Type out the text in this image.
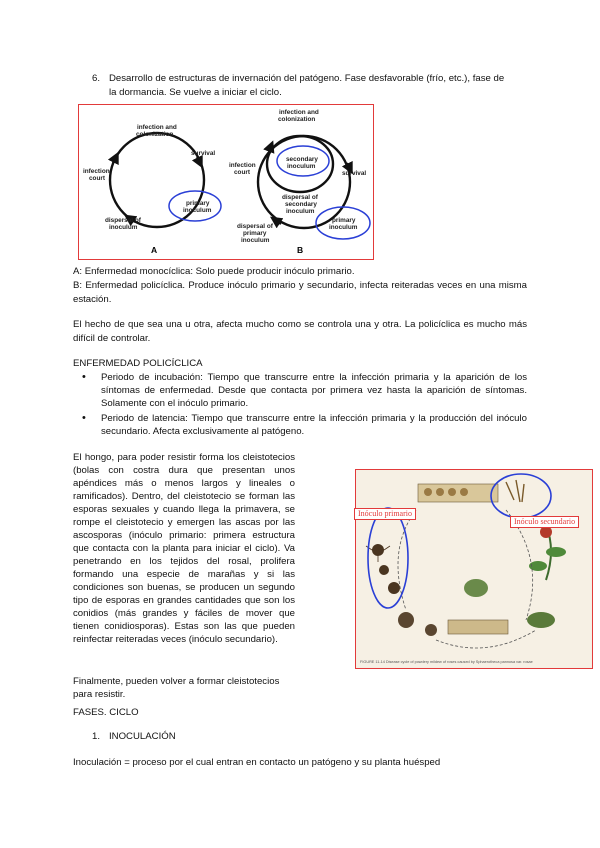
6. Desarrollo de estructuras de invernación del patógeno. Fase desfavorable (frío, etc.), fase de
la dormancia. Se vuelve a iniciar el ciclo.
infection and
colonization
survival
infection
court
primary
inoculum
dispersal of
inoculum
A
infection and
colonization
infection
court
secondary
inoculum
survival
dispersal of
secondary
inoculum
dispersal of
primary
inoculum
primary
inoculum
B
A: Enfermedad monocíclica: Solo puede producir inóculo primario.
B: Enfermedad policíclica. Produce inóculo primario y secundario, infecta reiteradas veces en una misma estación.
El hecho de que sea una u otra, afecta mucho como se controla una y otra. La policíclica es mucho más difícil de controlar.
ENFERMEDAD POLICÍCLICA
• Periodo de incubación: Tiempo que transcurre entre la infección primaria y la aparición de los síntomas de enfermedad. Desde que contacta por primera vez hasta la aparición de síntomas. Solamente con el inóculo primario.
• Periodo de latencia: Tiempo que transcurre entre la infección primaria y la producción del inóculo secundario. Afecta exclusivamente al patógeno.
El hongo, para poder resistir forma los cleistotecios (bolas con costra dura que presentan unos apéndices más o menos largos y lineales o ramificados). Dentro, del cleistotecio se forman las esporas sexuales y cuando llega la primavera, se rompe el cleistotecio y emergen las ascas por las ascosporas (inóculo primario: primera estructura que contacta con la planta para iniciar el ciclo). Va penetrando en los tejidos del rosal, prolifera formando una especie de marañas y si las condiciones son buenas, se producen un segundo tipo de esporas en grandes cantidades que son los conidios (más grandes y fáciles de mover que tienen conidiosporas). Estas son las que pueden reinfectar reiteradas veces (inóculo secundario).
Finalmente, pueden volver a formar cleistotecios para resistir.
FIGURE 11-14 Disease cycle of powdery mildew of roses caused by Sphaerotheca pannosa var. rosae
Inóculo primario
Inóculo secundario
FASES. CICLO
1. INOCULACIÓN
Inoculación = proceso por el cual entran en contacto un patógeno y su planta huésped
